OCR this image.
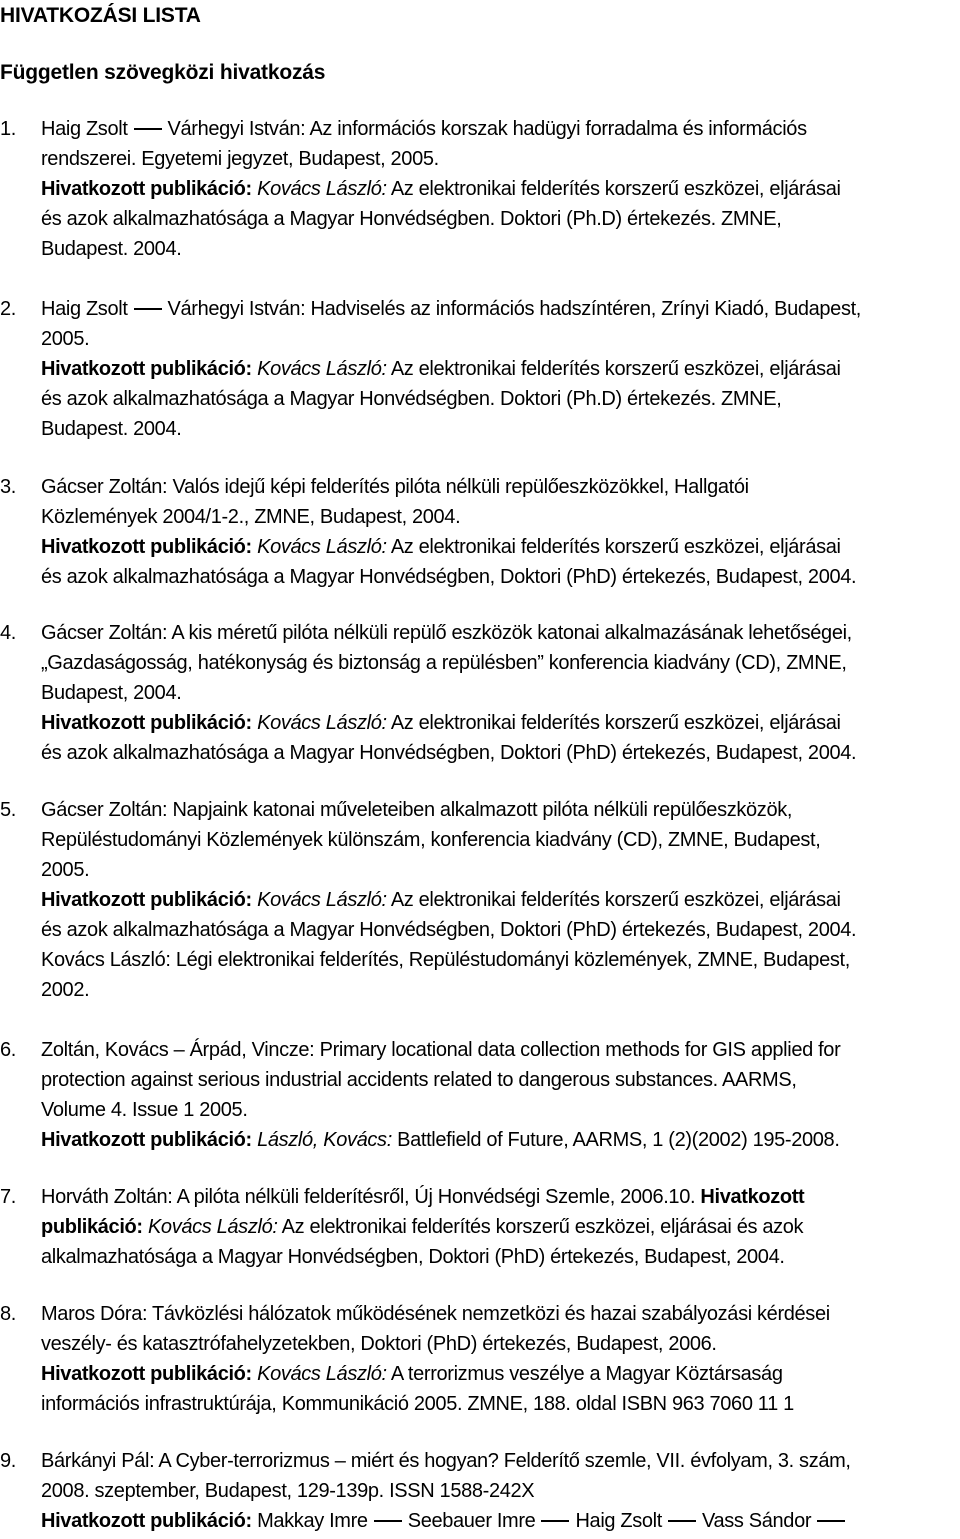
HIVATKOZÁSI LISTA
Független szövegközi hivatkozás
1. Haig Zsolt Várhegyi István: Az információs korszak hadügyi forradalma és információs
rendszerei. Egyetemi jegyzet, Budapest, 2005.
Hivatkozott publikáció: Kovács László: Az elektronikai felderítés korszerű eszközei, eljárásai
és azok alkalmazhatósága a Magyar Honvédségben. Doktori (Ph.D) értekezés. ZMNE,
Budapest. 2004.
2. Haig Zsolt Várhegyi István: Hadviselés az információs hadszíntéren, Zrínyi Kiadó, Budapest,
2005.
Hivatkozott publikáció: Kovács László: Az elektronikai felderítés korszerű eszközei, eljárásai
és azok alkalmazhatósága a Magyar Honvédségben. Doktori (Ph.D) értekezés. ZMNE,
Budapest. 2004.
3. Gácser Zoltán: Valós idejű képi felderítés pilóta nélküli repülőeszközökkel, Hallgatói
Közlemények 2004/1-2., ZMNE, Budapest, 2004.
Hivatkozott publikáció: Kovács László: Az elektronikai felderítés korszerű eszközei, eljárásai
és azok alkalmazhatósága a Magyar Honvédségben, Doktori (PhD) értekezés, Budapest, 2004.
4. Gácser Zoltán: A kis méretű pilóta nélküli repülő eszközök katonai alkalmazásának lehetőségei,
„Gazdaságosság, hatékonyság és biztonság a repülésben” konferencia kiadvány (CD), ZMNE,
Budapest, 2004.
Hivatkozott publikáció: Kovács László: Az elektronikai felderítés korszerű eszközei, eljárásai
és azok alkalmazhatósága a Magyar Honvédségben, Doktori (PhD) értekezés, Budapest, 2004.
5. Gácser Zoltán: Napjaink katonai műveleteiben alkalmazott pilóta nélküli repülőeszközök,
Repüléstudományi Közlemények különszám, konferencia kiadvány (CD), ZMNE, Budapest,
2005.
Hivatkozott publikáció: Kovács László: Az elektronikai felderítés korszerű eszközei, eljárásai
és azok alkalmazhatósága a Magyar Honvédségben, Doktori (PhD) értekezés, Budapest, 2004.
Kovács László: Légi elektronikai felderítés, Repüléstudományi közlemények, ZMNE, Budapest,
2002.
6. Zoltán, Kovács – Árpád, Vincze: Primary locational data collection methods for GIS applied for
protection against serious industrial accidents related to dangerous substances. AARMS,
Volume 4. Issue 1 2005.
Hivatkozott publikáció: László, Kovács: Battlefield of Future, AARMS, 1 (2)(2002) 195-2008.
7. Horváth Zoltán: A pilóta nélküli felderítésről, Új Honvédségi Szemle, 2006.10. Hivatkozott
publikáció: Kovács László: Az elektronikai felderítés korszerű eszközei, eljárásai és azok
alkalmazhatósága a Magyar Honvédségben, Doktori (PhD) értekezés, Budapest, 2004.
8. Maros Dóra: Távközlési hálózatok működésének nemzetközi és hazai szabályozási kérdései
veszély- és katasztrófahelyzetekben, Doktori (PhD) értekezés, Budapest, 2006.
Hivatkozott publikáció: Kovács László: A terrorizmus veszélye a Magyar Köztársaság
információs infrastruktúrája, Kommunikáció 2005. ZMNE, 188. oldal ISBN 963 7060 11 1
9. Bárkányi Pál: A Cyber-terrorizmus – miért és hogyan? Felderítő szemle, VII. évfolyam, 3. szám,
2008. szeptember, Budapest, 129-139p. ISSN 1588-242X
Hivatkozott publikáció: Makkay Imre Seebauer Imre Haig Zsolt Vass Sándor
